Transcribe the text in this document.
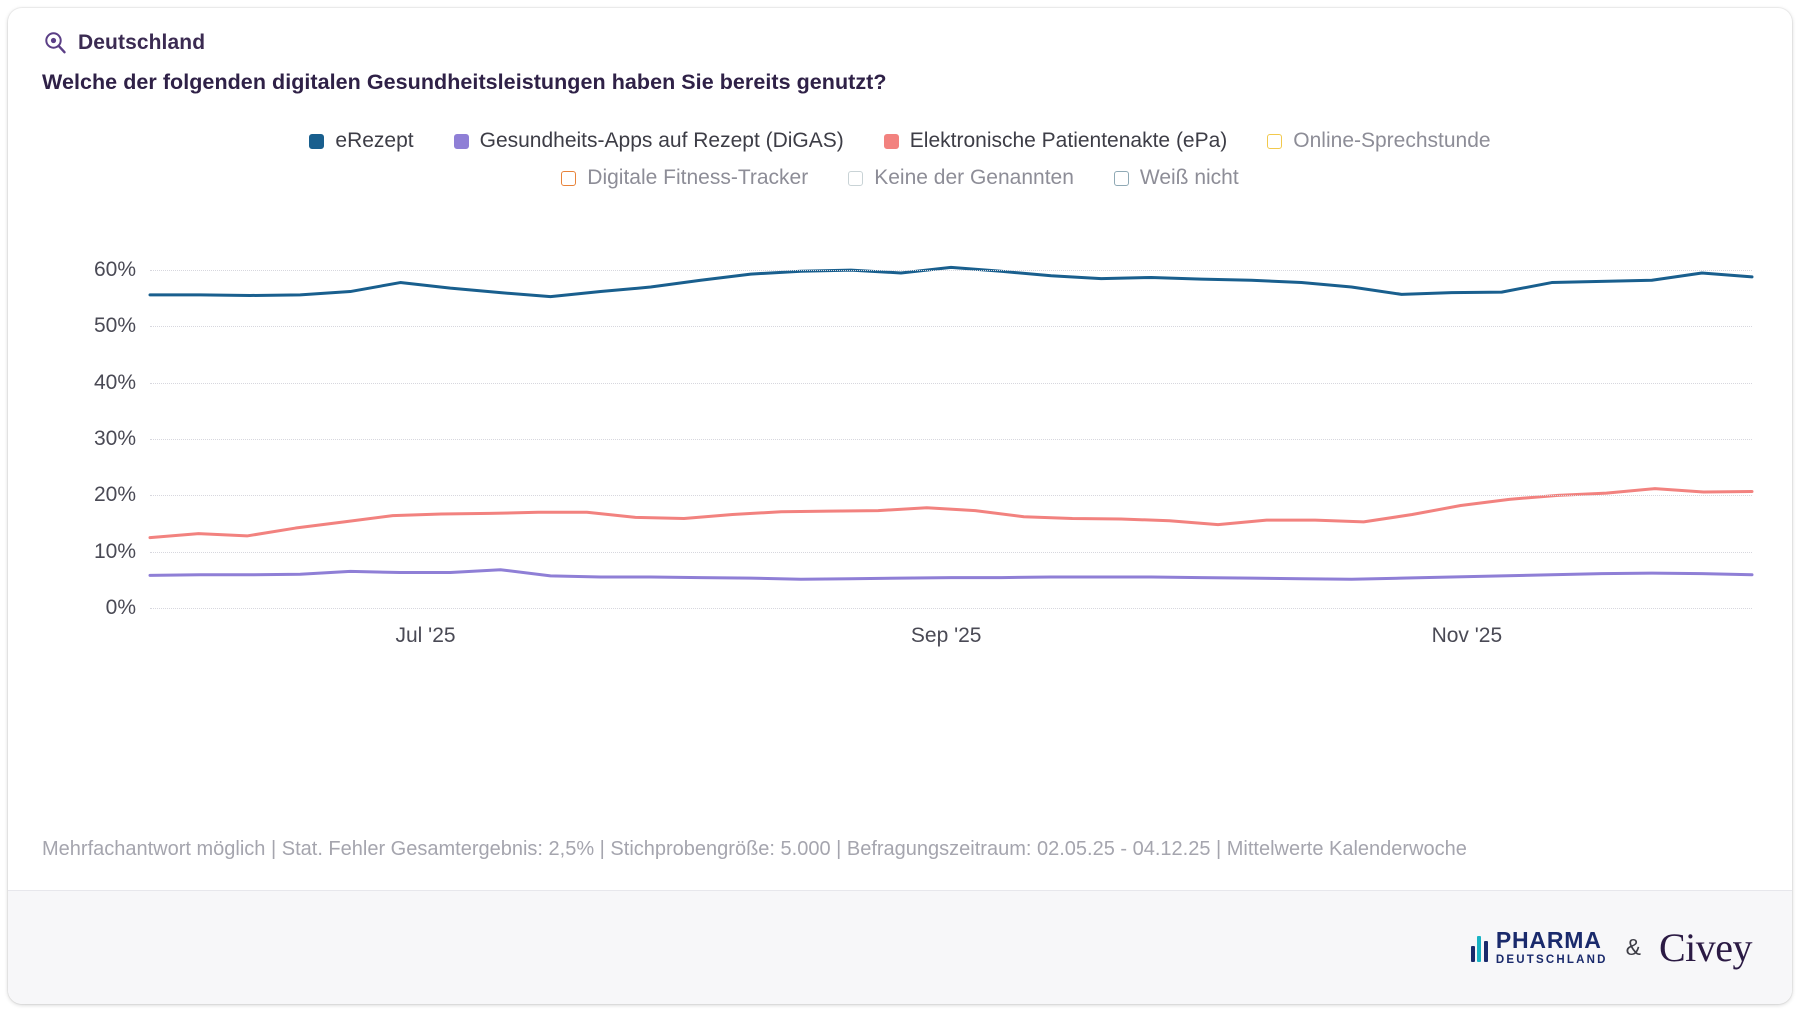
Deutschland
Welche der folgenden digitalen Gesundheitsleistungen haben Sie bereits genutzt?
eRezept	Gesundheits-Apps auf Rezept (DiGAS)	Elektronische Patientenakte (ePa)	Online-Sprechstunde
Digitale Fitness-Tracker	Keine der Genannten	Weiß nicht
0%
10%
20%
30%
40%
50%
60%
Jul '25	Sep '25	Nov '25
Mehrfachantwort möglich | Stat. Fehler Gesamtergebnis: 2,5% | Stichprobengröße: 5.000 | Befragungszeitraum: 02.05.25 - 04.12.25 | Mittelwerte Kalenderwoche
PHARMA
DEUTSCHLAND & Civey
